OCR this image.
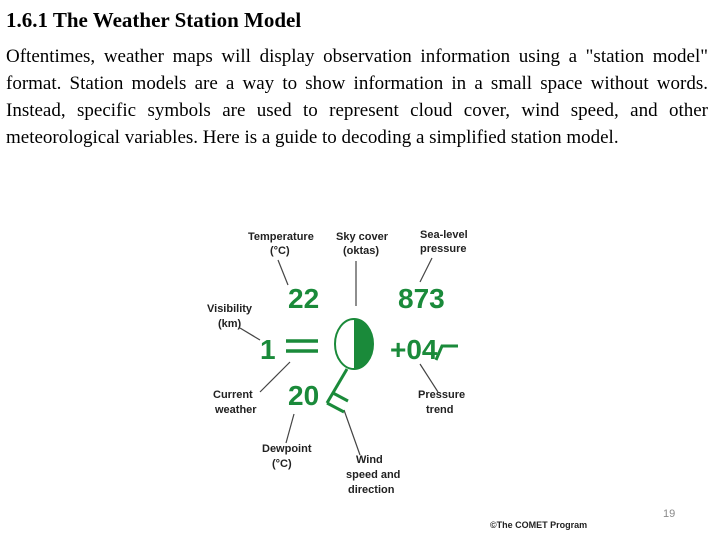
1.6.1 The Weather Station Model

Oftentimes, weather maps will display observation information using a "station model" format. Station models are a way to show information in a small space without words. Instead, specific symbols are used to represent cloud cover, wind speed, and other meteorological variables. Here is a guide to decoding a simplified station model.

Temperature (°C)
Sky cover (oktas)
Sea-level pressure
Visibility (km)
Current weather
Pressure trend
Dewpoint (°C)	Wind speed and direction
22	873
1	+04
20
19
©The COMET Program
